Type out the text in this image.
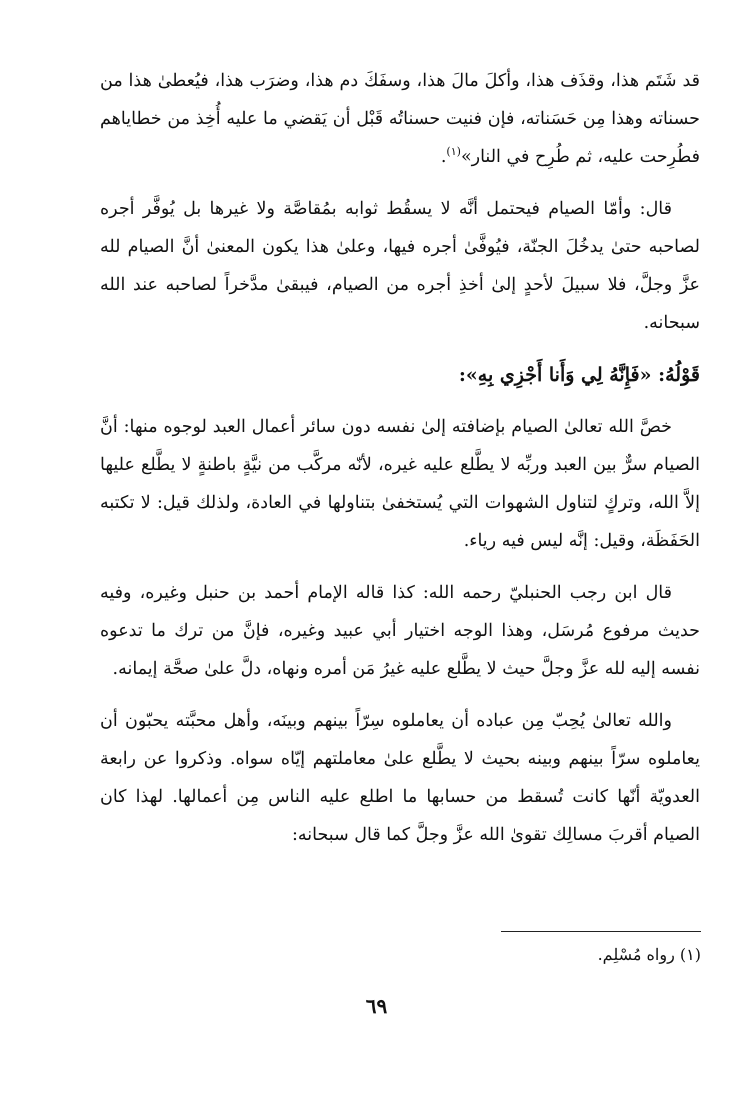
قد شَتَم هذا، وقذَف هذا، وأكلَ مالَ هذا، وسفَكَ دم هذا، وضرَب هذا، فيُعطىٰ هذا من حسناته وهذا مِن حَسَناته، فإن فنيت حسناتُه قَبْل أن يَقضي ما عليه أُخِذ من خطاياهم فطُرِحت عليه، ثم طُرِح في النار»$^{(١)}$.

قال: وأمّا الصيام فيحتمل أنَّه لا يسقُط ثوابه بمُقاصَّة ولا غيرها بل يُوفَّر أجره لصاحبه حتىٰ يدخُلَ الجنّة، فيُوفَّىٰ أجره فيها، وعلىٰ هذا يكون المعنىٰ أنَّ الصيام لله عزَّ وجلَّ، فلا سبيلَ لأحدٍ إلىٰ أخذِ أجره من الصيام، فيبقىٰ مدَّخراً لصاحبه عند الله سبحانه.

قَوْلُهُ: «فَإِنَّهُ لِي وَأَنا أَجْزِي بِهِ»:

خصَّ الله تعالىٰ الصيام بإضافته إلىٰ نفسه دون سائر أعمال العبد لوجوه منها: أنَّ الصيام سرٌّ بين العبد وربِّه لا يطَّلع عليه غيره، لأنّه مركَّب من نيَّةٍ باطنةٍ لا يطَّلع عليها إلاَّ الله، وتركٍ لتناول الشهوات التي يُستخفىٰ بتناولها في العادة، ولذلك قيل: لا تكتبه الحَفَظَة، وقيل: إنَّه ليس فيه رياء.

قال ابن رجب الحنبليّ رحمه الله: كذا قاله الإمام أحمد بن حنبل وغيره، وفيه حديث مرفوع مُرسَل، وهذا الوجه اختيار أبي عبيد وغيره، فإنَّ من ترك ما تدعوه نفسه إليه لله عزَّ وجلَّ حيث لا يطَّلع عليه غيرُ مَن أمره ونهاه، دلَّ علىٰ صحَّة إيمانه.

والله تعالىٰ يُحِبّ مِن عباده أن يعاملوه سِرّاً بينهم وبينَه، وأهل محبَّته يحبّون أن يعاملوه سرّاً بينهم وبينه بحيث لا يطَّلع علىٰ معاملتهم إيّاه سواه. وذكروا عن رابعة العدويّة أنّها كانت تُسقط من حسابها ما اطلع عليه الناس مِن أعمالها. لهذا كان الصيام أقربَ مسالِك تقوىٰ الله عزَّ وجلَّ كما قال سبحانه:

(١) رواه مُسْلِم.

٦٩
